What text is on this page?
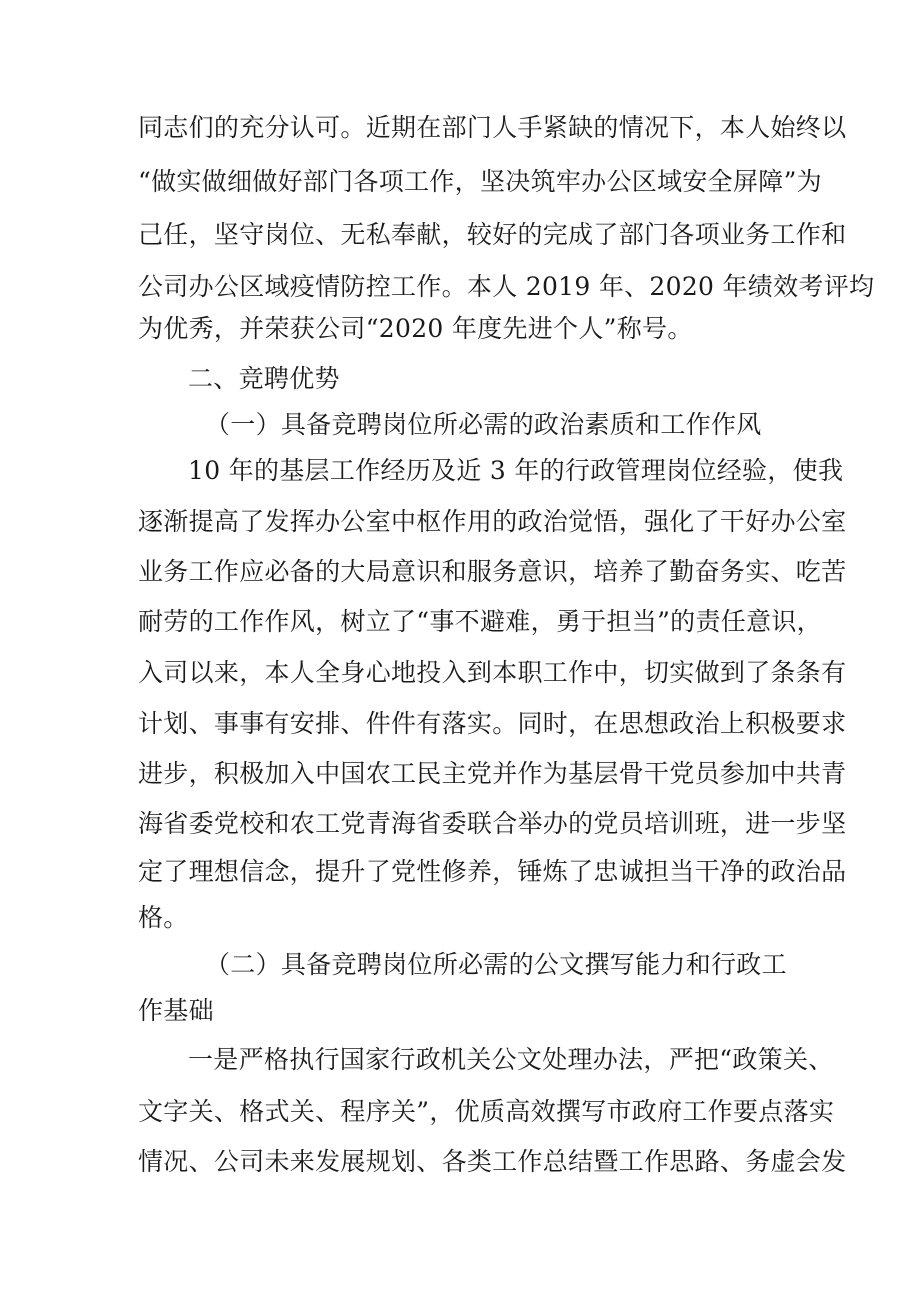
同志们的充分认可。近期在部门人手紧缺的情况下，本人始终以
“做实做细做好部门各项工作，坚决筑牢办公区域安全屏障”为
己任，坚守岗位、无私奉献，较好的完成了部门各项业务工作和
公司办公区域疫情防控工作。本人 2019 年、2020 年绩效考评均
为优秀，并荣获公司“2020 年度先进个人”称号。
二、竞聘优势
（一）具备竞聘岗位所必需的政治素质和工作作风
10 年的基层工作经历及近 3 年的行政管理岗位经验，使我
逐渐提高了发挥办公室中枢作用的政治觉悟，强化了干好办公室
业务工作应必备的大局意识和服务意识，培养了勤奋务实、吃苦
耐劳的工作作风，树立了“事不避难，勇于担当”的责任意识，
入司以来，本人全身心地投入到本职工作中，切实做到了条条有
计划、事事有安排、件件有落实。同时，在思想政治上积极要求
进步，积极加入中国农工民主党并作为基层骨干党员参加中共青
海省委党校和农工党青海省委联合举办的党员培训班，进一步坚
定了理想信念，提升了党性修养，锤炼了忠诚担当干净的政治品
格。
（二）具备竞聘岗位所必需的公文撰写能力和行政工
作基础
一是严格执行国家行政机关公文处理办法，严把“政策关、
文字关、格式关、程序关”，优质高效撰写市政府工作要点落实
情况、公司未来发展规划、各类工作总结暨工作思路、务虚会发
